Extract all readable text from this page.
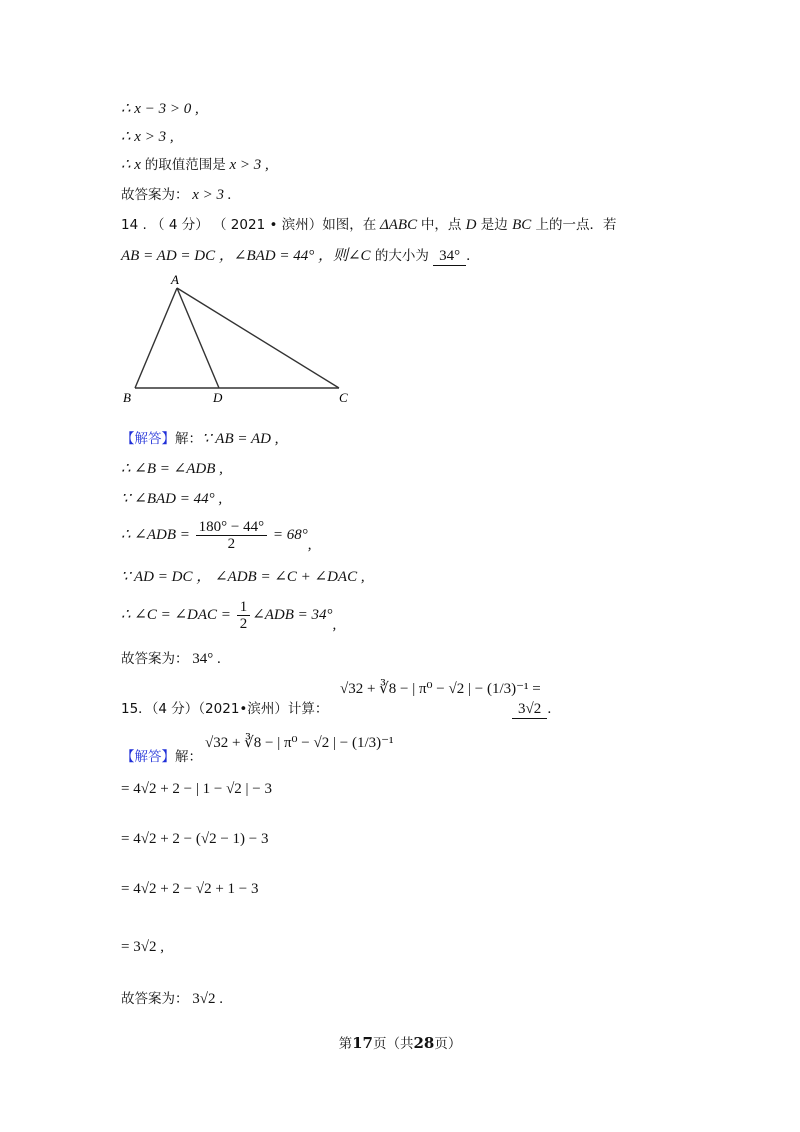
∴ x − 3 > 0 ,
∴ x > 3 ,
∴ x 的取值范围是 x > 3 ,
故答案为： x > 3 .
14 . （ 4 分） （ 2021 • 滨州）如图，在 ΔABC 中，点 D 是边 BC 上的一点．若
AB = AD = DC ，∠BAD = 44° ，则∠C 的大小为 34° ．
A
B	D	C
【解答】解：∵ AB = AD ,
∴ ∠B = ∠ADB ,
∵ ∠BAD = 44° ,
∴ ∠ADB = $\frac{180^\circ - 44^\circ}{2} = 68^\circ$,
∵ AD = DC ， ∠ADB = ∠C + ∠DAC ,
∴ ∠C = ∠DAC = $\frac{1}{2}$ ∠ADB = 34°,
故答案为： 34° .
15．（4 分）（2021•滨州）计算：
√32 + ∛8 − | π⁰ − √2 | − (1/3)⁻¹ =
3√2 ．
【解答】解：
√32 + ∛8 − | π⁰ − √2 | − (1/3)⁻¹
= 4√2 + 2 − | 1 − √2 | − 3
= 4√2 + 2 − (√2 − 1) − 3
= 4√2 + 2 − √2 + 1 − 3
= 3√2 ,
故答案为： 3√2 .
第17页（共28页）
